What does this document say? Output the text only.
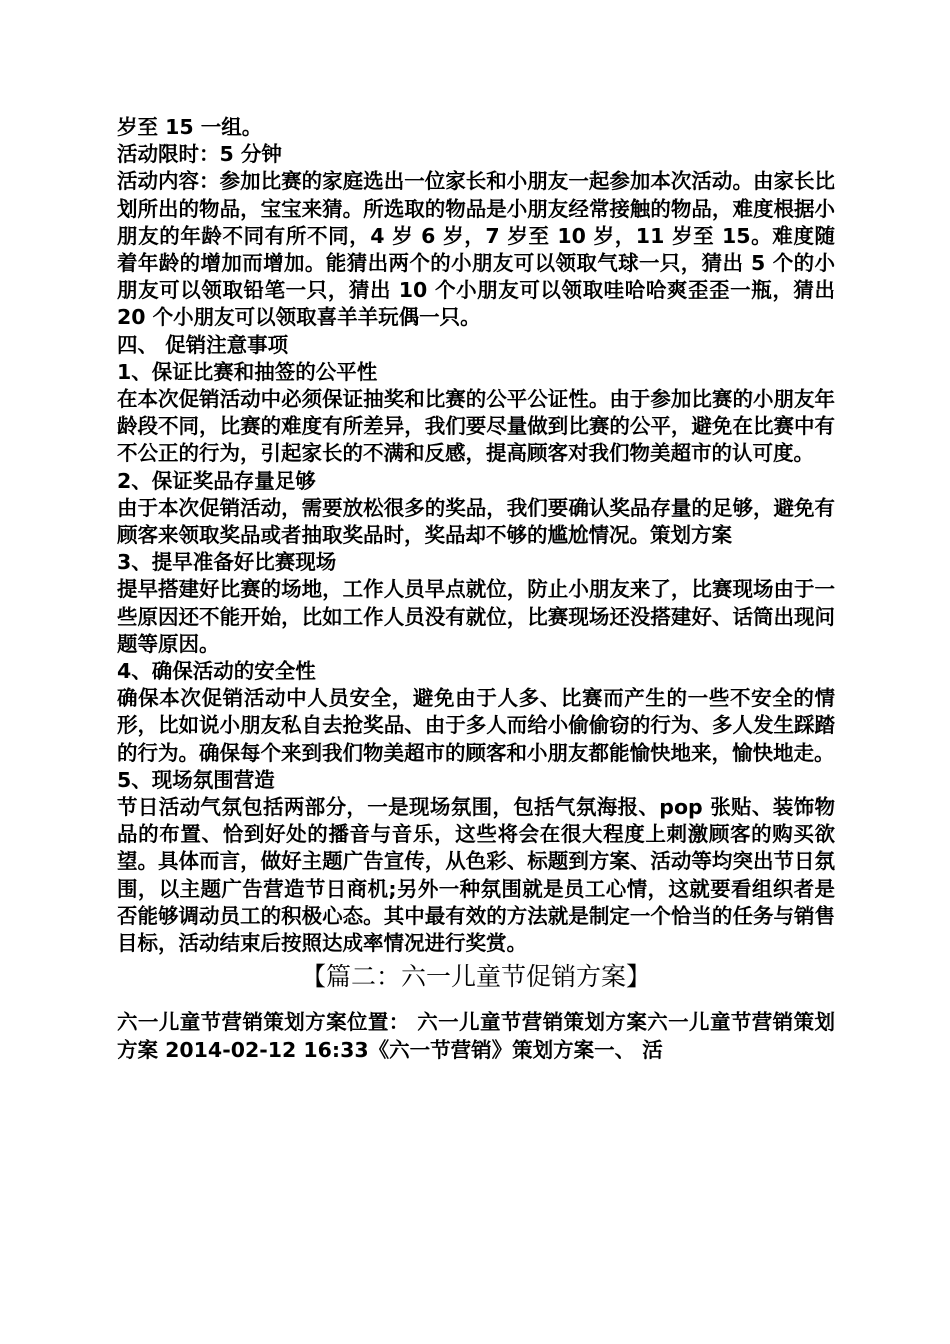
岁至 15 一组。

活动限时：5 分钟

活动内容：参加比赛的家庭选出一位家长和小朋友一起参加本次活动。由家长比划所出的物品，宝宝来猜。所选取的物品是小朋友经常接触的物品，难度根据小朋友的年龄不同有所不同，4 岁 6 岁，7 岁至 10 岁，11 岁至 15。难度随着年龄的增加而增加。能猜出两个的小朋友可以领取气球一只，猜出 5 个的小朋友可以领取铅笔一只，猜出 10 个小朋友可以领取哇哈哈爽歪歪一瓶，猜出 20 个小朋友可以领取喜羊羊玩偶一只。

四、 促销注意事项

1、保证比赛和抽签的公平性

在本次促销活动中必须保证抽奖和比赛的公平公证性。由于参加比赛的小朋友年龄段不同，比赛的难度有所差异，我们要尽量做到比赛的公平，避免在比赛中有不公正的行为，引起家长的不满和反感，提高顾客对我们物美超市的认可度。

2、保证奖品存量足够

由于本次促销活动，需要放松很多的奖品，我们要确认奖品存量的足够，避免有顾客来领取奖品或者抽取奖品时，奖品却不够的尴尬情况。策划方案

3、提早准备好比赛现场

提早搭建好比赛的场地，工作人员早点就位，防止小朋友来了，比赛现场由于一些原因还不能开始，比如工作人员没有就位，比赛现场还没搭建好、话筒出现问题等原因。

4、确保活动的安全性

确保本次促销活动中人员安全，避免由于人多、比赛而产生的一些不安全的情形，比如说小朋友私自去抢奖品、由于多人而给小偷偷窃的行为、多人发生踩踏的行为。确保每个来到我们物美超市的顾客和小朋友都能愉快地来，愉快地走。

5、现场氛围营造

节日活动气氛包括两部分，一是现场氛围，包括气氛海报、pop 张贴、装饰物品的布置、恰到好处的播音与音乐，这些将会在很大程度上刺激顾客的购买欲望。具体而言，做好主题广告宣传，从色彩、标题到方案、活动等均突出节日氛围，以主题广告营造节日商机;另外一种氛围就是员工心情，这就要看组织者是否能够调动员工的积极心态。其中最有效的方法就是制定一个恰当的任务与销售目标，活动结束后按照达成率情况进行奖赏。

【篇二：六一儿童节促销方案】

六一儿童节营销策划方案位置： 六一儿童节营销策划方案六一儿童节营销策划方案 2014-02-12 16:33《六一节营销》策划方案一、 活
